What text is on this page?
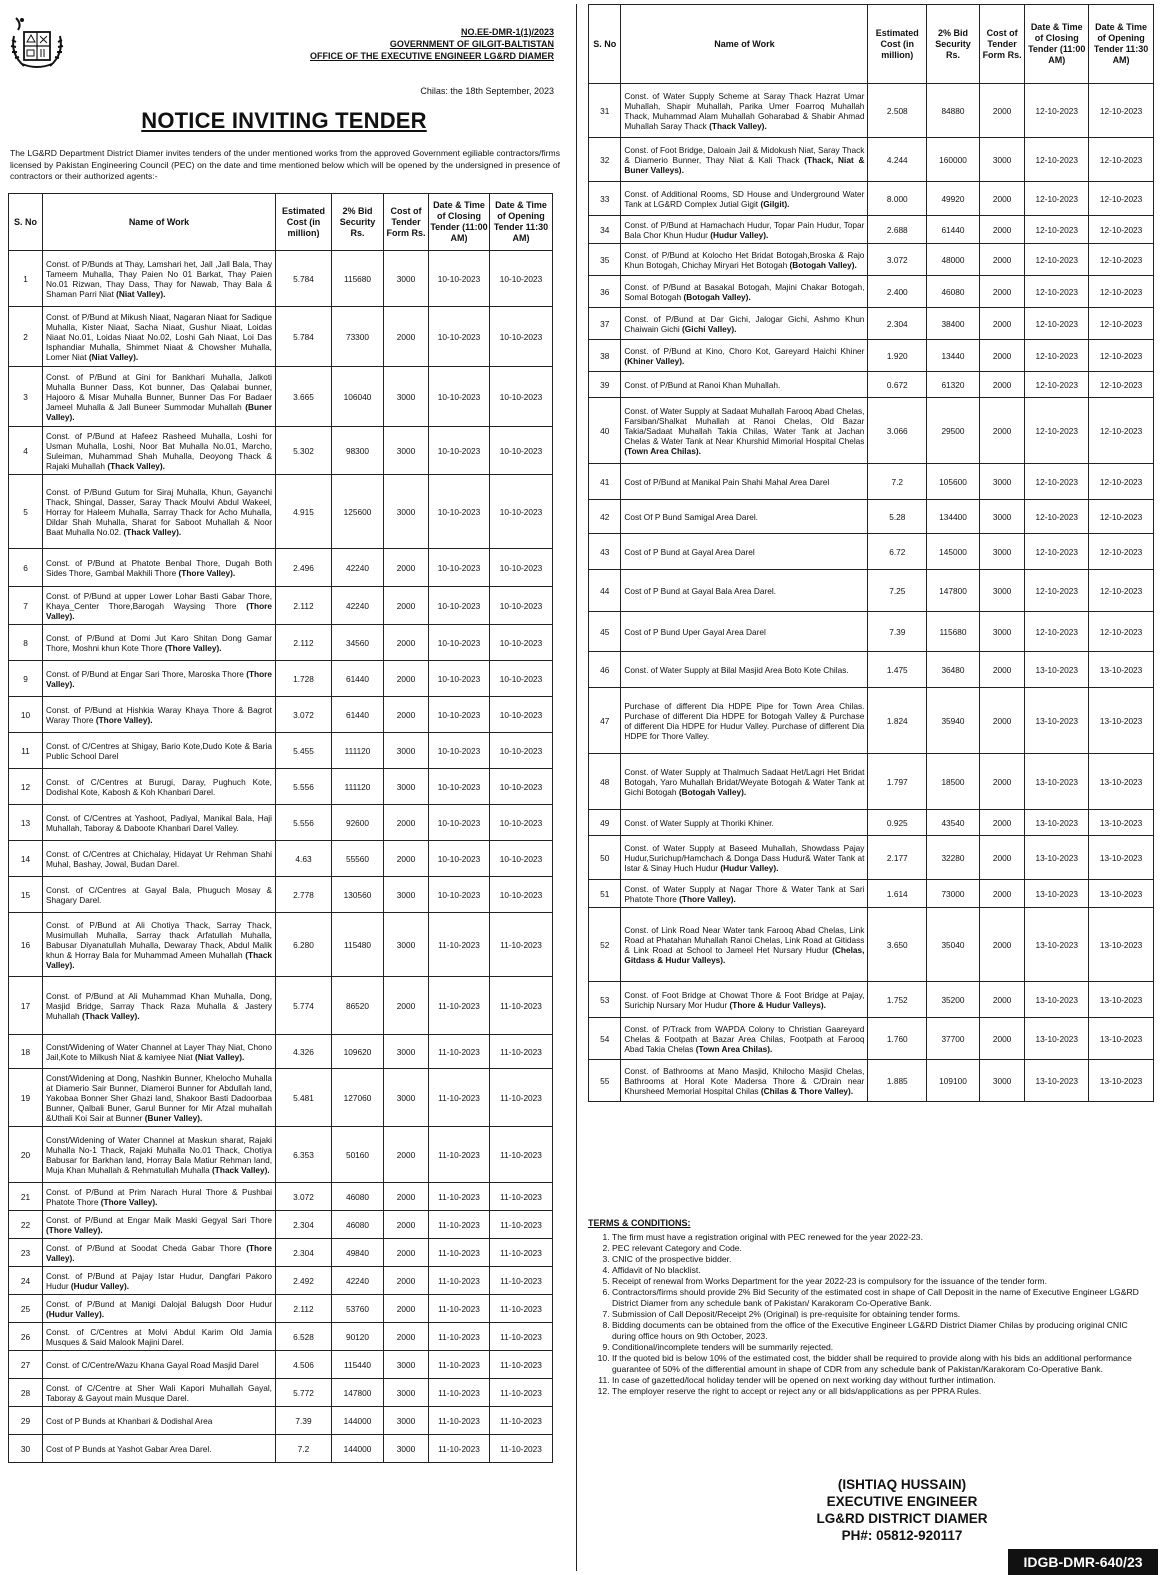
NO.EE-DMR-1(1)/2023
GOVERNMENT OF GILGIT-BALTISTAN
OFFICE OF THE EXECUTIVE ENGINEER LG&RD DIAMER
Chilas: the 18th September, 2023
NOTICE INVITING TENDER
The LG&RD Department District Diamer invites tenders of the under mentioned works from the approved Government egiliable contractors/firms licensed by Pakistan Engineering Council (PEC) on the date and time mentioned below which will be opened by the undersigned in presence of contractors or their authorized agents:-
S. No	Name of Work	Estimated Cost (in million)	2% Bid Security Rs.	Cost of Tender Form Rs.	Date & Time of Closing Tender (11:00 AM)	Date & Time of Opening Tender 11:30 AM)
1	Const. of P/Bunds at Thay, Lamshari het, Jall ,Jall Bala, Thay Tameem Muhalla, Thay Paien No 01 Barkat, Thay Paien No.01 Rizwan, Thay Dass, Thay for Nawab, Thay Bala & Shaman Parri Niat (Niat Valley).	5.784	115680	3000	10-10-2023	10-10-2023
2	Const. of P/Bund at Mikush Niaat, Nagaran Niaat for Sadique Muhalla, Kister Niaat, Sacha Niaat, Gushur Niaat, Loidas Niaat No.01, Loidas Niaat No.02, Loshi Gah Niaat, Loi Das Isphandiar Muhalla, Shimmet Niaat & Chowsher Muhalla, Lomer Niat (Niat Valley).	5.784	73300	2000	10-10-2023	10-10-2023
3	Const. of P/Bund at Gini for Bankhari Muhalla, Jalkoti Muhalla Bunner Dass, Kot bunner, Das Qalabai bunner, Hajooro & Misar Muhalla Bunner, Bunner Das For Badaer Jameel Muhalla & Jall Buneer Summodar Muhallah (Buner Valley).	3.665	106040	3000	10-10-2023	10-10-2023
4	Const. of P/Bund at Hafeez Rasheed Muhalla, Loshi for Usman Muhalla, Loshi, Noor Bat Muhalla No.01, Marcho, Suleiman, Muhammad Shah Muhalla, Deoyong Thack & Rajaki Muhallah (Thack Valley).	5.302	98300	3000	10-10-2023	10-10-2023
5	Const. of P/Bund Gutum for Siraj Muhalla, Khun, Gayanchi Thack, Shingal, Dasser, Saray Thack Moulvi Abdul Wakeel, Horray for Haleem Muhalla, Sarray Thack for Acho Muhalla, Dildar Shah Muhalla, Sharat for Saboot Muhallah & Noor Baat Muhalla No.02. (Thack Valley).	4.915	125600	3000	10-10-2023	10-10-2023
6	Const. of P/Bund at Phatote Benbal Thore, Dugah Both Sides Thore, Gambal Makhili Thore (Thore Valley).	2.496	42240	2000	10-10-2023	10-10-2023
7	Const. of P/Bund at upper Lower Lohar Basti Gabar Thore, Khaya_Center Thore,Barogah Waysing Thore (Thore Valley).	2.112	42240	2000	10-10-2023	10-10-2023
8	Const. of P/Bund at Domi Jut Karo Shitan Dong Gamar Thore, Moshni khun Kote Thore (Thore Valley).	2.112	34560	2000	10-10-2023	10-10-2023
9	Const. of P/Bund at Engar Sari Thore, Maroska Thore (Thore Valley).	1.728	61440	2000	10-10-2023	10-10-2023
10	Const. of P/Bund at Hishkia Waray Khaya Thore & Bagrot Waray Thore (Thore Valley).	3.072	61440	2000	10-10-2023	10-10-2023
11	Const. of C/Centres at Shigay, Bario Kote,Dudo Kote & Baria Public School Darel	5.455	111120	3000	10-10-2023	10-10-2023
12	Const. of C/Centres at Burugi, Daray, Pughuch Kote, Dodishal Kote, Kabosh & Koh Khanbari Darel.	5.556	111120	3000	10-10-2023	10-10-2023
13	Const. of C/Centres at Yashoot, Padiyal, Manikal Bala, Haji Muhallah, Taboray & Daboote Khanbari Darel Valley.	5.556	92600	2000	10-10-2023	10-10-2023
14	Const. of C/Centres at Chichalay, Hidayat Ur Rehman Shahi Muhal, Bashay, Jowal, Budan Darel.	4.63	55560	2000	10-10-2023	10-10-2023
15	Const. of C/Centres at Gayal Bala, Phuguch Mosay & Shagary Darel.	2.778	130560	3000	10-10-2023	10-10-2023
16	Const. of P/Bund at Ali Chotiya Thack, Sarray Thack, Musimullah Muhalla, Sarray thack Arfatullah Muhalla, Babusar Diyanatullah Muhalla, Dewaray Thack, Abdul Malik khun & Horray Bala for Muhammad Ameen Muhallah (Thack Valley).	6.280	115480	3000	11-10-2023	11-10-2023
17	Const. of P/Bund at Ali Muhammad Khan Muhalla, Dong, Masjid Bridge, Sarray Thack Raza Muhalla & Jastery Muhallah (Thack Valley).	5.774	86520	2000	11-10-2023	11-10-2023
18	Const/Widening of Water Channel at Layer Thay Niat, Chono Jail,Kote to Milkush Niat & kamiyee Niat (Niat Valley).	4.326	109620	3000	11-10-2023	11-10-2023
19	Const/Widening at Dong, Nashkin Bunner, Khelocho Muhalla at Diamerio Sair Bunner, Diameroi Bunner for Abdullah land, Yakobaa Bonner Sher Ghazi land, Shakoor Basti Dadoorbaa Bunner, Qalbali Buner, Garul Bunner for Mir Afzal muhallah &Uthali Koi Sair at Bunner (Buner Valley).	5.481	127060	3000	11-10-2023	11-10-2023
20	Const/Widening of Water Channel at Maskun sharat, Rajaki Muhalla No-1 Thack, Rajaki Muhalla No.01 Thack, Chotiya Babusar for Barkhan land, Horray Bala Matiur Rehman land, Muja Khan Muhallah & Rehmatullah Muhalla (Thack Valley).	6.353	50160	2000	11-10-2023	11-10-2023
21	Const. of P/Bund at Prim Narach Hural Thore & Pushbai Phatote Thore (Thore Valley).	3.072	46080	2000	11-10-2023	11-10-2023
22	Const. of P/Bund at Engar Maik Maski Gegyal Sari Thore (Thore Valley).	2.304	46080	2000	11-10-2023	11-10-2023
23	Const. of P/Bund at Soodat Cheda Gabar Thore (Thore Valley).	2.304	49840	2000	11-10-2023	11-10-2023
24	Const. of P/Bund at Pajay Istar Hudur, Dangfari Pakoro Hudur (Hudur Valley).	2.492	42240	2000	11-10-2023	11-10-2023
25	Const. of P/Bund at Manigi Dalojal Balugsh Door Hudur (Hudur Valley).	2.112	53760	2000	11-10-2023	11-10-2023
26	Const. of C/Centres at Molvi Abdul Karim Old Jamia Musques & Said Malook Majini Darel.	6.528	90120	2000	11-10-2023	11-10-2023
27	Const. of C/Centre/Wazu Khana Gayal Road Masjid Darel	4.506	115440	3000	11-10-2023	11-10-2023
28	Const. of C/Centre at Sher Wali Kapori Muhallah Gayal, Taboray & Gayout main Musque Darel.	5.772	147800	3000	11-10-2023	11-10-2023
29	Cost of P Bunds at Khanbari & Dodishal Area	7.39	144000	3000	11-10-2023	11-10-2023
30	Cost of P Bunds at Yashot Gabar Area Darel.	7.2	144000	3000	11-10-2023	11-10-2023
S. No	Name of Work	Estimated Cost (in million)	2% Bid Security Rs.	Cost of Tender Form Rs.	Date & Time of Closing Tender (11:00 AM)	Date & Time of Opening Tender 11:30 AM)
31	Const. of Water Supply Scheme at Saray Thack Hazrat Umar Muhallah, Shapir Muhallah, Parika Umer Foarroq Muhallah Thack, Muhammad Alam Muhallah Goharabad & Shabir Ahmad Muhallah Saray Thack (Thack Valley).	2.508	84880	2000	12-10-2023	12-10-2023
32	Const. of Foot Bridge, Daloain Jail & Midokush Niat, Saray Thack & Diamerio Bunner, Thay Niat & Kali Thack (Thack, Niat & Buner Valleys).	4.244	160000	3000	12-10-2023	12-10-2023
33	Const. of Additional Rooms, SD House and Underground Water Tank at LG&RD Complex Jutial Gigit (Gilgit).	8.000	49920	2000	12-10-2023	12-10-2023
34	Const. of P/Bund at Hamachach Hudur, Topar Pain Hudur, Topar Bala Chor Khun Hudur (Hudur Valley).	2.688	61440	2000	12-10-2023	12-10-2023
35	Const. of P/Bund at Kolocho Het Bridat Botogah,Broska & Rajo Khun Botogah, Chichay Miryari Het Botogah (Botogah Valley).	3.072	48000	2000	12-10-2023	12-10-2023
36	Const. of P/Bund at Basakal Botogah, Majini Chakar Botogah, Somal Botogah (Botogah Valley).	2.400	46080	2000	12-10-2023	12-10-2023
37	Const. of P/Bund at Dar Gichi, Jalogar Gichi, Ashmo Khun Chaiwain Gichi (Gichi Valley).	2.304	38400	2000	12-10-2023	12-10-2023
38	Const. of P/Bund at Kino, Choro Kot, Gareyard Haichi Khiner (Khiner Valley).	1.920	13440	2000	12-10-2023	12-10-2023
39	Const. of P/Bund at Ranoi Khan Muhallah.	0.672	61320	2000	12-10-2023	12-10-2023
40	Const. of Water Supply at Sadaat Muhallah Farooq Abad Chelas, Farsiban/Shalkat Muhallah at Ranoi Chelas, Old Bazar Takia/Sadaat Muhallah Takia Chilas, Water Tank at Jachan Chelas & Water Tank at Near Khurshid Mimorial Hospital Chelas (Town Area Chilas).	3.066	29500	2000	12-10-2023	12-10-2023
41	Cost of P/Bund at Manikal Pain Shahi Mahal Area Darel	7.2	105600	3000	12-10-2023	12-10-2023
42	Cost Of P Bund Samigal Area Darel.	5.28	134400	3000	12-10-2023	12-10-2023
43	Cost of P Bund at Gayal Area Darel	6.72	145000	3000	12-10-2023	12-10-2023
44	Cost of P Bund at Gayal Bala Area Darel.	7.25	147800	3000	12-10-2023	12-10-2023
45	Cost of P Bund Uper Gayal Area Darel	7.39	115680	3000	12-10-2023	12-10-2023
46	Const. of Water Supply at Bilal Masjid Area Boto Kote Chilas.	1.475	36480	2000	13-10-2023	13-10-2023
47	Purchase of different Dia HDPE Pipe for Town Area Chilas. Purchase of different Dia HDPE for Botogah Valley & Purchase of different Dia HDPE for Hudur Valley. Purchase of different Dia HDPE for Thore Valley.	1.824	35940	2000	13-10-2023	13-10-2023
48	Const. of Water Supply at Thalmuch Sadaat Het/Lagri Het Bridat Botogah, Yaro Muhallah Bridat/Weyate Botogah & Water Tank at Gichi Botogah (Botogah Valley).	1.797	18500	2000	13-10-2023	13-10-2023
49	Const. of Water Supply at Thoriki Khiner.	0.925	43540	2000	13-10-2023	13-10-2023
50	Const. of Water Supply at Baseed Muhallah, Showdass Pajay Hudur,Surichup/Hamchach & Donga Dass Hudur& Water Tank at Istar & Sinay Huch Hudur (Hudur Valley).	2.177	32280	2000	13-10-2023	13-10-2023
51	Const. of Water Supply at Nagar Thore & Water Tank at Sari Phatote Thore (Thore Valley).	1.614	73000	2000	13-10-2023	13-10-2023
52	Const. of Link Road Near Water tank Farooq Abad Chelas, Link Road at Phatahan Muhallah Ranoi Chelas, Link Road at Gitidass & Link Road at School to Jameel Het Nursary Hudur (Chelas, Gitdass & Hudur Valleys).	3.650	35040	2000	13-10-2023	13-10-2023
53	Const. of Foot Bridge at Chowat Thore & Foot Bridge at Pajay, Surichip Nursary Mor Hudur (Thore & Hudur Valleys).	1.752	35200	2000	13-10-2023	13-10-2023
54	Const. of P/Track from WAPDA Colony to Christian Gaareyard Chelas & Footpath at Bazar Area Chilas, Footpath at Farooq Abad Takia Chelas (Town Area Chilas).	1.760	37700	2000	13-10-2023	13-10-2023
55	Const. of Bathrooms at Mano Masjid, Khilocho Masjid Chelas, Bathrooms at Horal Kote Madersa Thore & C/Drain near Khursheed Memorial Hospital Chilas (Chilas & Thore Valley).	1.885	109100	3000	13-10-2023	13-10-2023
TERMS & CONDITIONS:
1. The firm must have a registration original with PEC renewed for the year 2022-23.
2. PEC relevant Category and Code.
3. CNIC of the prospective bidder.
4. Affidavit of No blacklist.
5. Receipt of renewal from Works Department for the year 2022-23 is compulsory for the issuance of the tender form.
6. Contractors/firms should provide 2% Bid Security of the estimated cost in shape of Call Deposit in the name of Executive Engineer LG&RD District Diamer from any schedule bank of Pakistan/ Karakoram Co-Operative Bank.
7. Submission of Call Deposit/Receipt 2% (Original) is pre-requisite for obtaining tender forms.
8. Bidding documents can be obtained from the office of the Executive Engineer LG&RD District Diamer Chilas by producing original CNIC during office hours on 9th October, 2023.
9. Conditional/incomplete tenders will be summarily rejected.
10. If the quoted bid is below 10% of the estimated cost, the bidder shall be required to provide along with his bids an additional performance guarantee of 50% of the differential amount in shape of CDR from any schedule bank of Pakistan/Karakoram Co-Operative Bank.
11. In case of gazetted/local holiday tender will be opened on next working day without further intimation.
12. The employer reserve the right to accept or reject any or all bids/applications as per PPRA Rules.
(ISHTIAQ HUSSAIN)
EXECUTIVE ENGINEER
LG&RD DISTRICT DIAMER
PH#: 05812-920117
IDGB-DMR-640/23
